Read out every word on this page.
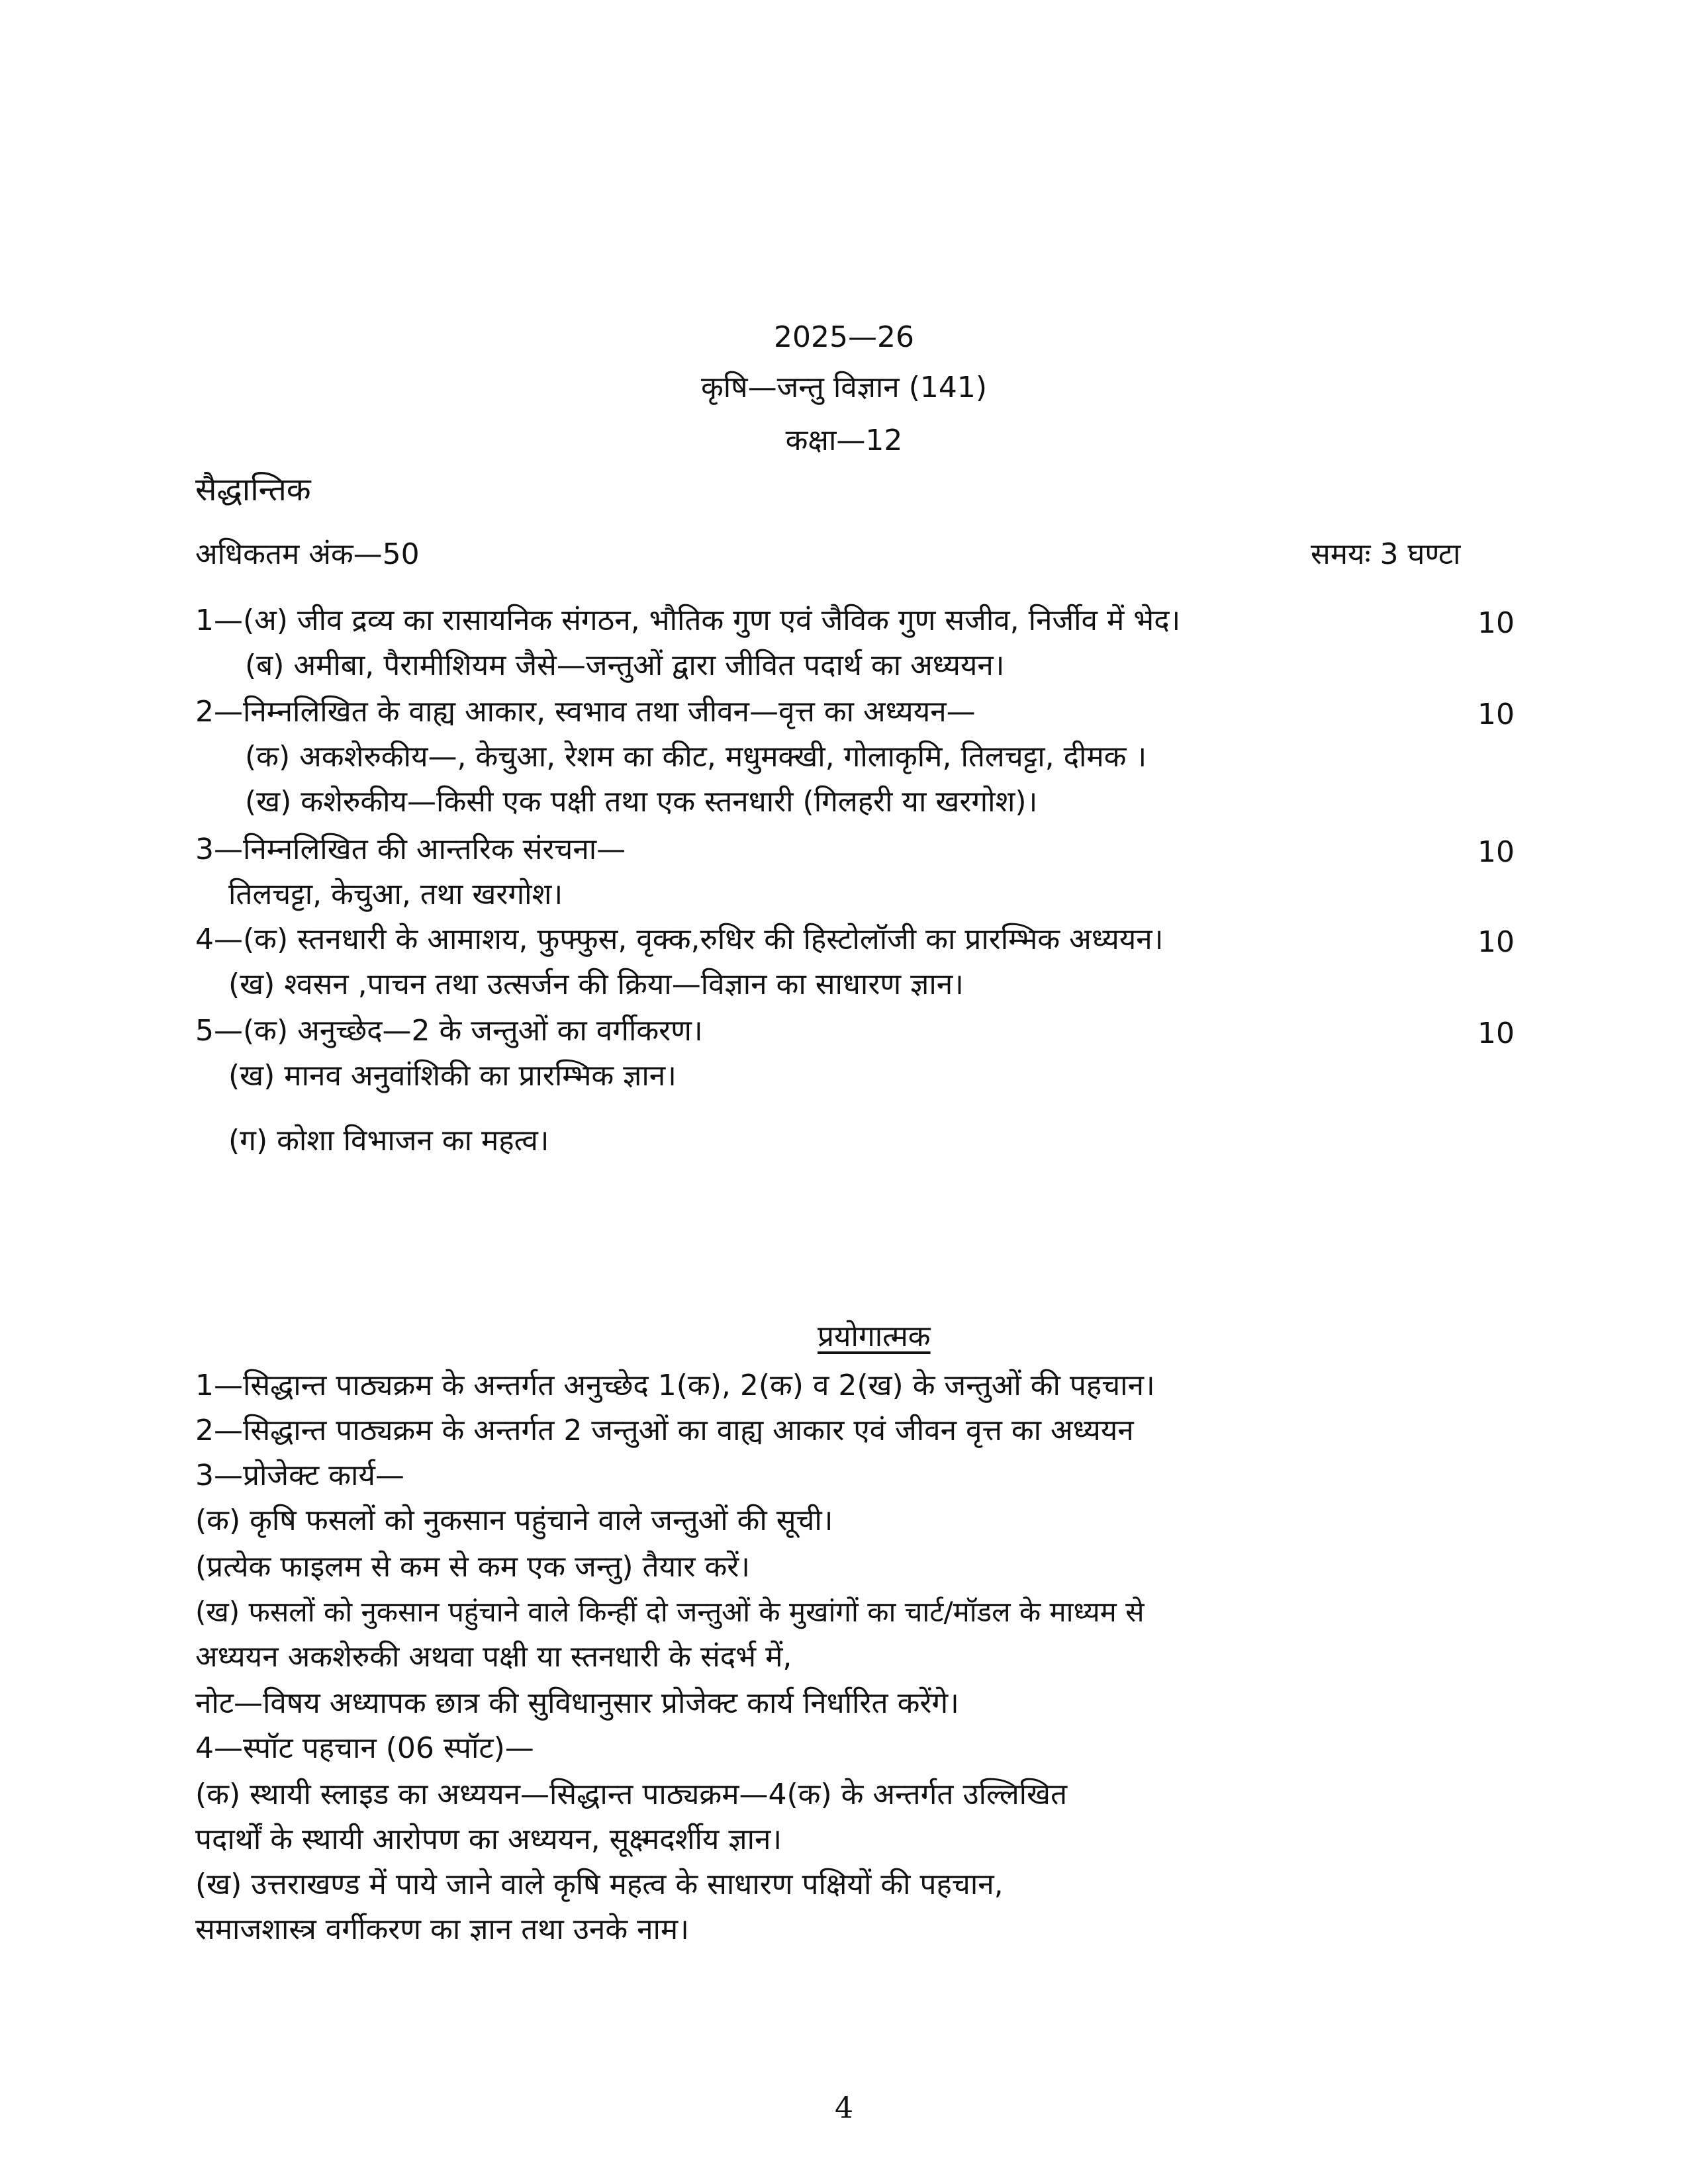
2025—26
कृषि—जन्तु विज्ञान (141)
कक्षा—12
सैद्धान्तिक
अधिकतम अंक—50	समयः 3 घण्टा
1—(अ) जीव द्रव्य का रासायनिक संगठन, भौतिक गुण एवं जैविक गुण सजीव, निर्जीव में भेद।
(ब) अमीबा, पैरामीशियम जैसे—जन्तुओं द्वारा जीवित पदार्थ का अध्ययन।
2—निम्नलिखित के वाह्य आकार, स्वभाव तथा जीवन—वृत्त का अध्ययन—
(क) अकशेरुकीय—, केचुआ, रेशम का कीट, मधुमक्खी, गोलाकृमि, तिलचट्टा, दीमक ।
(ख) कशेरुकीय—किसी एक पक्षी तथा एक स्तनधारी (गिलहरी या खरगोश)।
3—निम्नलिखित की आन्तरिक संरचना—
तिलचट्टा, केचुआ, तथा खरगोश।
4—(क) स्तनधारी के आमाशय, फुफ्फुस, वृक्क,रुधिर की हिस्टोलॉजी का प्रारम्भिक अध्ययन।
(ख) श्वसन ,पाचन तथा उत्सर्जन की क्रिया—विज्ञान का साधारण ज्ञान।
5—(क) अनुच्छेद—2 के जन्तुओं का वर्गीकरण।
(ख) मानव अनुवांशिकी का प्रारम्भिक ज्ञान।
(ग) कोशा विभाजन का महत्व।
10
10
10
10
10
प्रयोगात्मक
1—सिद्धान्त पाठ्यक्रम के अन्तर्गत अनुच्छेद 1(क), 2(क) व 2(ख) के जन्तुओं की पहचान।
2—सिद्धान्त पाठ्यक्रम के अन्तर्गत 2 जन्तुओं का वाह्य आकार एवं जीवन वृत्त का अध्ययन
3—प्रोजेक्ट कार्य—
(क) कृषि फसलों को नुकसान पहुंचाने वाले जन्तुओं की सूची।
(प्रत्येक फाइलम से कम से कम एक जन्तु) तैयार करें।
(ख) फसलों को नुकसान पहुंचाने वाले किन्हीं दो जन्तुओं के मुखांगों का चार्ट/मॉडल के माध्यम से
अध्ययन अकशेरुकी अथवा पक्षी या स्तनधारी के संदर्भ में,
नोट—विषय अध्यापक छात्र की सुविधानुसार प्रोजेक्ट कार्य निर्धारित करेंगे।
4—स्पॉट पहचान (06 स्पॉट)—
(क) स्थायी स्लाइड का अध्ययन—सिद्धान्त पाठ्यक्रम—4(क) के अन्तर्गत उल्लिखित
पदार्थों के स्थायी आरोपण का अध्ययन, सूक्ष्मदर्शीय ज्ञान।
(ख) उत्तराखण्ड में पाये जाने वाले कृषि महत्व के साधारण पक्षियों की पहचान,
समाजशास्त्र वर्गीकरण का ज्ञान तथा उनके नाम।
4
